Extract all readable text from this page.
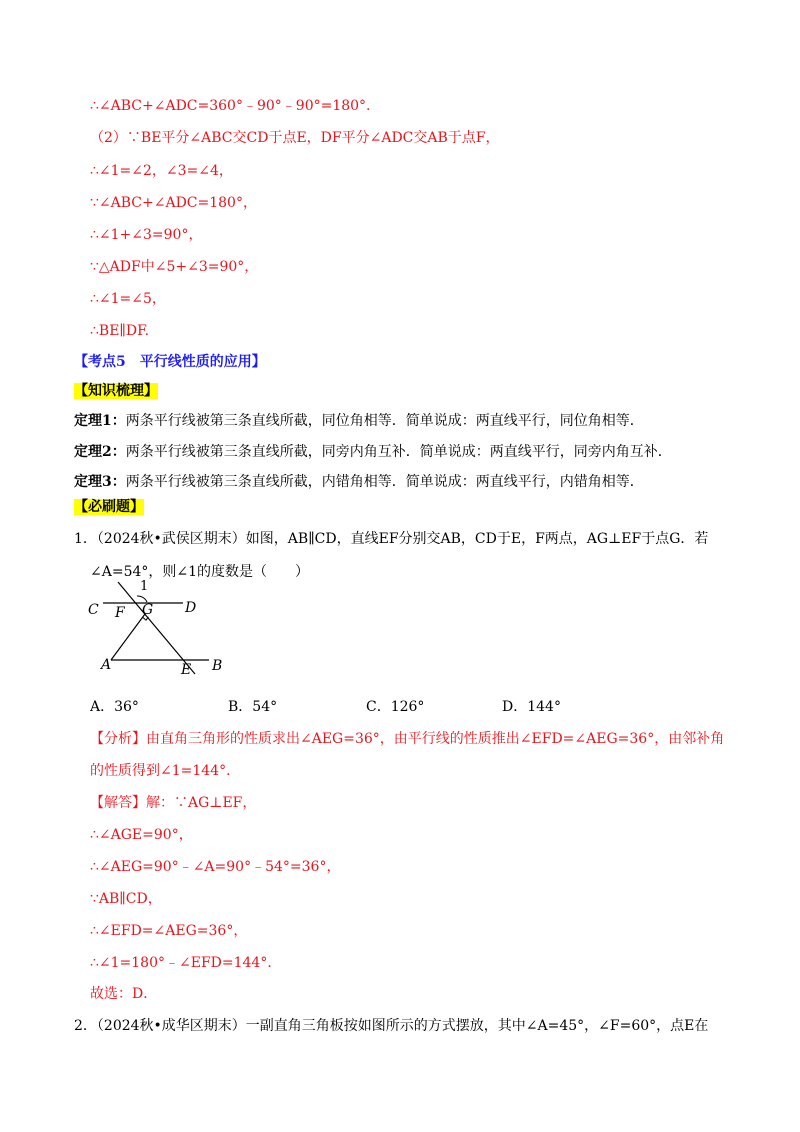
∴∠ABC+∠ADC=360°﹣90°﹣90°=180°.
（2）∵BE平分∠ABC交CD于点E，DF平分∠ADC交AB于点F，
∴∠1=∠2，∠3=∠4，
∵∠ABC+∠ADC=180°，
∴∠1+∠3=90°，
∵△ADF中∠5+∠3=90°，
∴∠1=∠5，
∴BE∥DF.
【考点5　平行线性质的应用】
【知识梳理】
定理1：两条平行线被第三条直线所截，同位角相等．简单说成：两直线平行，同位角相等．
定理2：两条平行线被第三条直线所截，同旁内角互补．简单说成：两直线平行，同旁内角互补．
定理3：两条平行线被第三条直线所截，内错角相等．简单说成：两直线平行，内错角相等．
【必刷题】
1．（2024秋•武侯区期末）如图，AB∥CD，直线EF分别交AB，CD于E，F两点，AG⊥EF于点G．若
∠A=54°，则∠1的度数是（　　）
1
C F G D
A	E B
A．36°	B．54°	C．126°	D．144°
【分析】由直角三角形的性质求出∠AEG=36°，由平行线的性质推出∠EFD=∠AEG=36°，由邻补角
的性质得到∠1=144°．
【解答】解：∵AG⊥EF，
∴∠AGE=90°，
∴∠AEG=90°﹣∠A=90°﹣54°=36°，
∵AB∥CD，
∴∠EFD=∠AEG=36°，
∴∠1=180°﹣∠EFD=144°．
故选：D．
2．（2024秋•成华区期末）一副直角三角板按如图所示的方式摆放，其中∠A=45°，∠F=60°，点E在
